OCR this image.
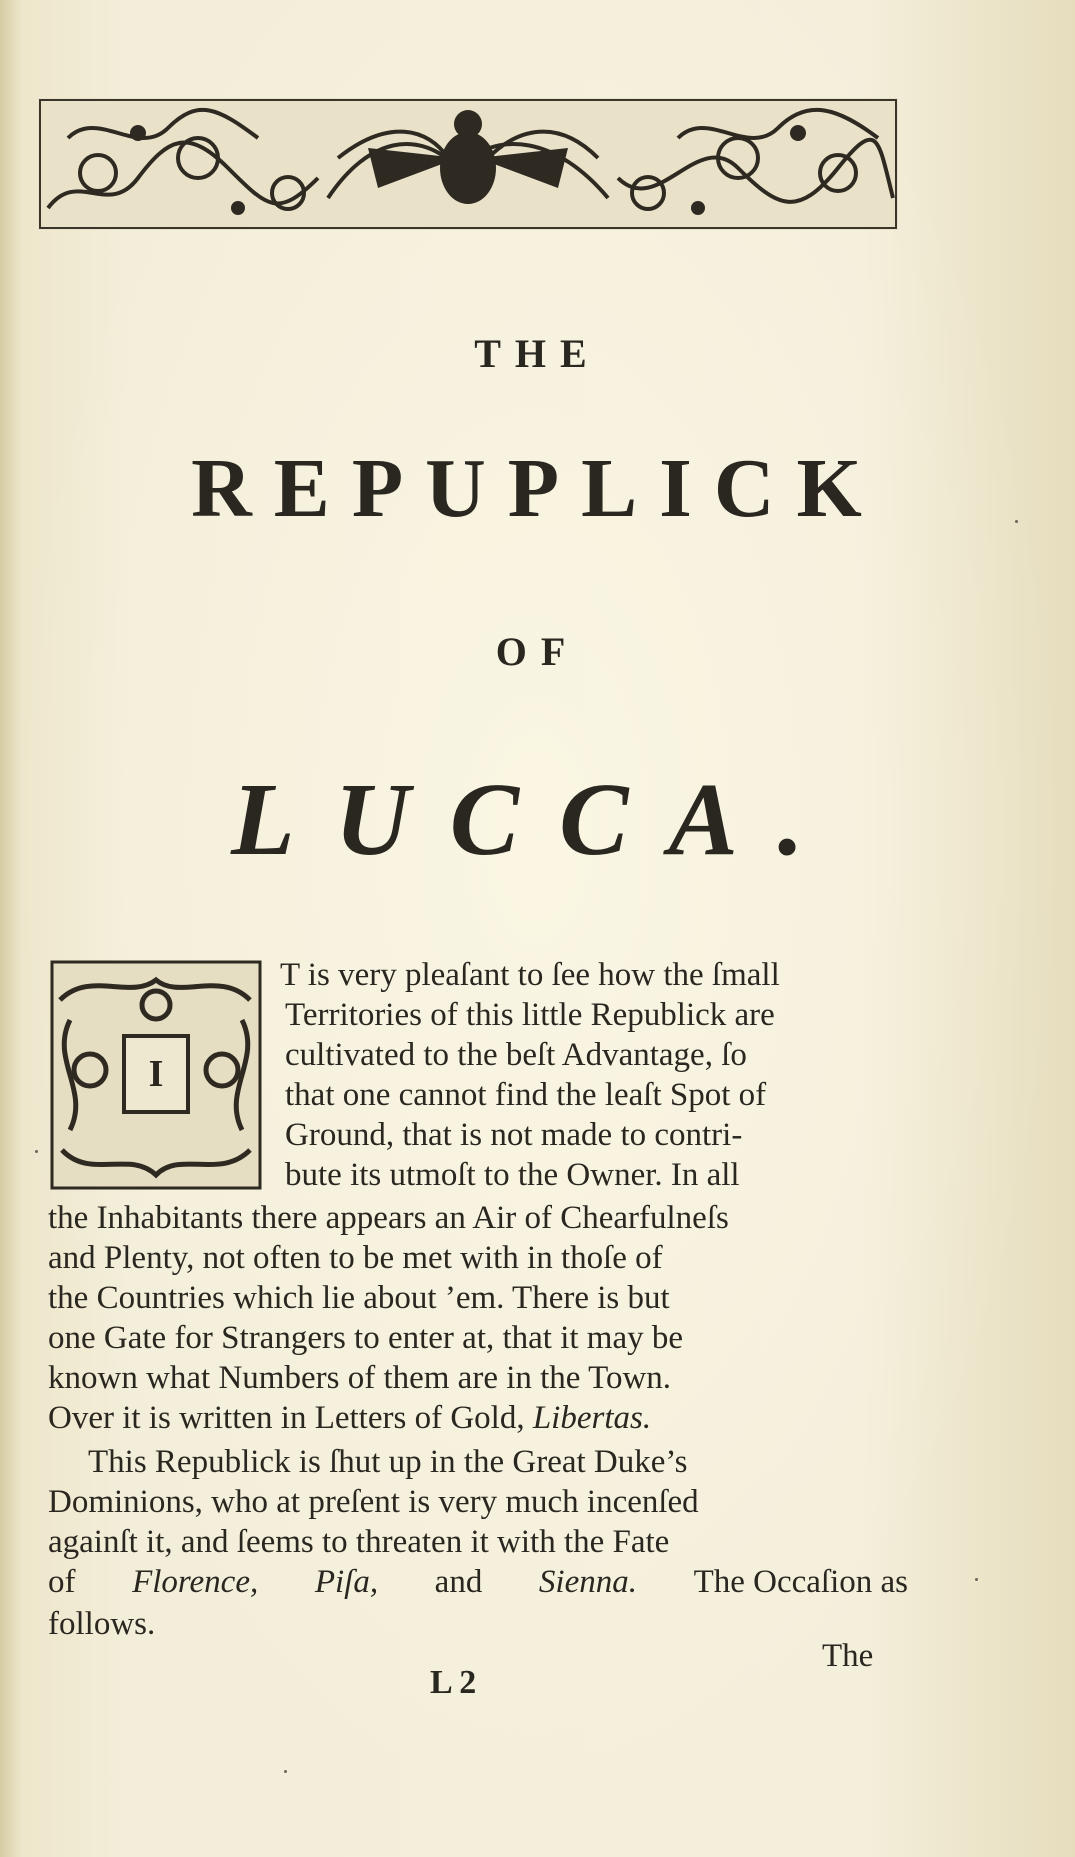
THE
REPUPLICK
OF
LUCCA.
I
T is very pleaſant to ſee how the ſmall
Territories of this little Republick are
cultivated to the beſt Advantage, ſo
that one cannot find the leaſt Spot of
Ground, that is not made to contri-
bute its utmoſt to the Owner. In all
the Inhabitants there appears an Air of Chearfulneſs
and Plenty, not often to be met with in thoſe of
the Countries which lie about ’em. There is but
one Gate for Strangers to enter at, that it may be
known what Numbers of them are in the Town.
Over it is written in Letters of Gold,
Libertas.
This Republick is ſhut up in the Great Duke’s
Dominions, who at preſent is very much incenſed
againſt it, and ſeems to threaten it with the Fate
of Florence, Piſa, and Sienna. The Occaſion as
follows.
The
L 2
